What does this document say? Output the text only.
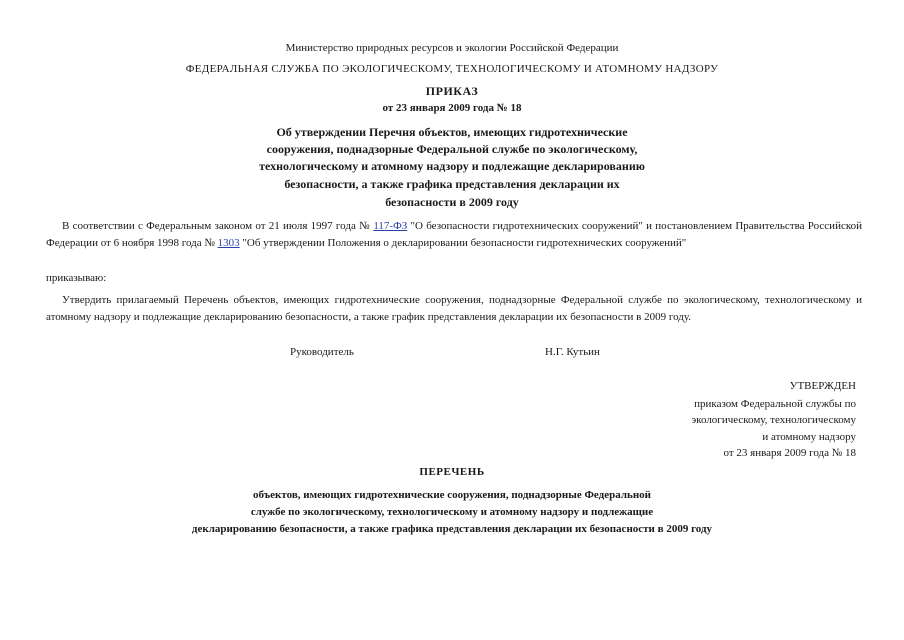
Министерство природных ресурсов и экологии Российской Федерации
ФЕДЕРАЛЬНАЯ СЛУЖБА ПО ЭКОЛОГИЧЕСКОМУ, ТЕХНОЛОГИЧЕСКОМУ И АТОМНОМУ НАДЗОРУ
ПРИКАЗ
от 23 января 2009 года № 18
Об утверждении Перечня объектов, имеющих гидротехнические
сооружения, поднадзорные Федеральной службе по экологическому,
технологическому и атомному надзору и подлежащие декларированию
безопасности, а также графика представления декларации их
безопасности в 2009 году
В соответствии с Федеральным законом от 21 июля 1997 года № 117-ФЗ "О безопасности гидротехнических сооружений" и постановлением Правительства Российской Федерации от 6 ноября 1998 года № 1303 "Об утверждении Положения о декларировании безопасности гидротехнических сооружений"
приказываю:
Утвердить прилагаемый Перечень объектов, имеющих гидротехнические сооружения, поднадзорные Федеральной службе по экологическому, технологическому и атомному надзору и подлежащие декларированию безопасности, а также график представления декларации их безопасности в 2009 году.
Руководитель	Н.Г. Кутьин
УТВЕРЖДЕН
приказом Федеральной службы по
экологическому, технологическому
и атомному надзору
от 23 января 2009 года № 18
ПЕРЕЧЕНЬ
объектов, имеющих гидротехнические сооружения, поднадзорные Федеральной
службе по экологическому, технологическому и атомному надзору и подлежащие
декларированию безопасности, а также графика представления декларации их безопасности в 2009 году
